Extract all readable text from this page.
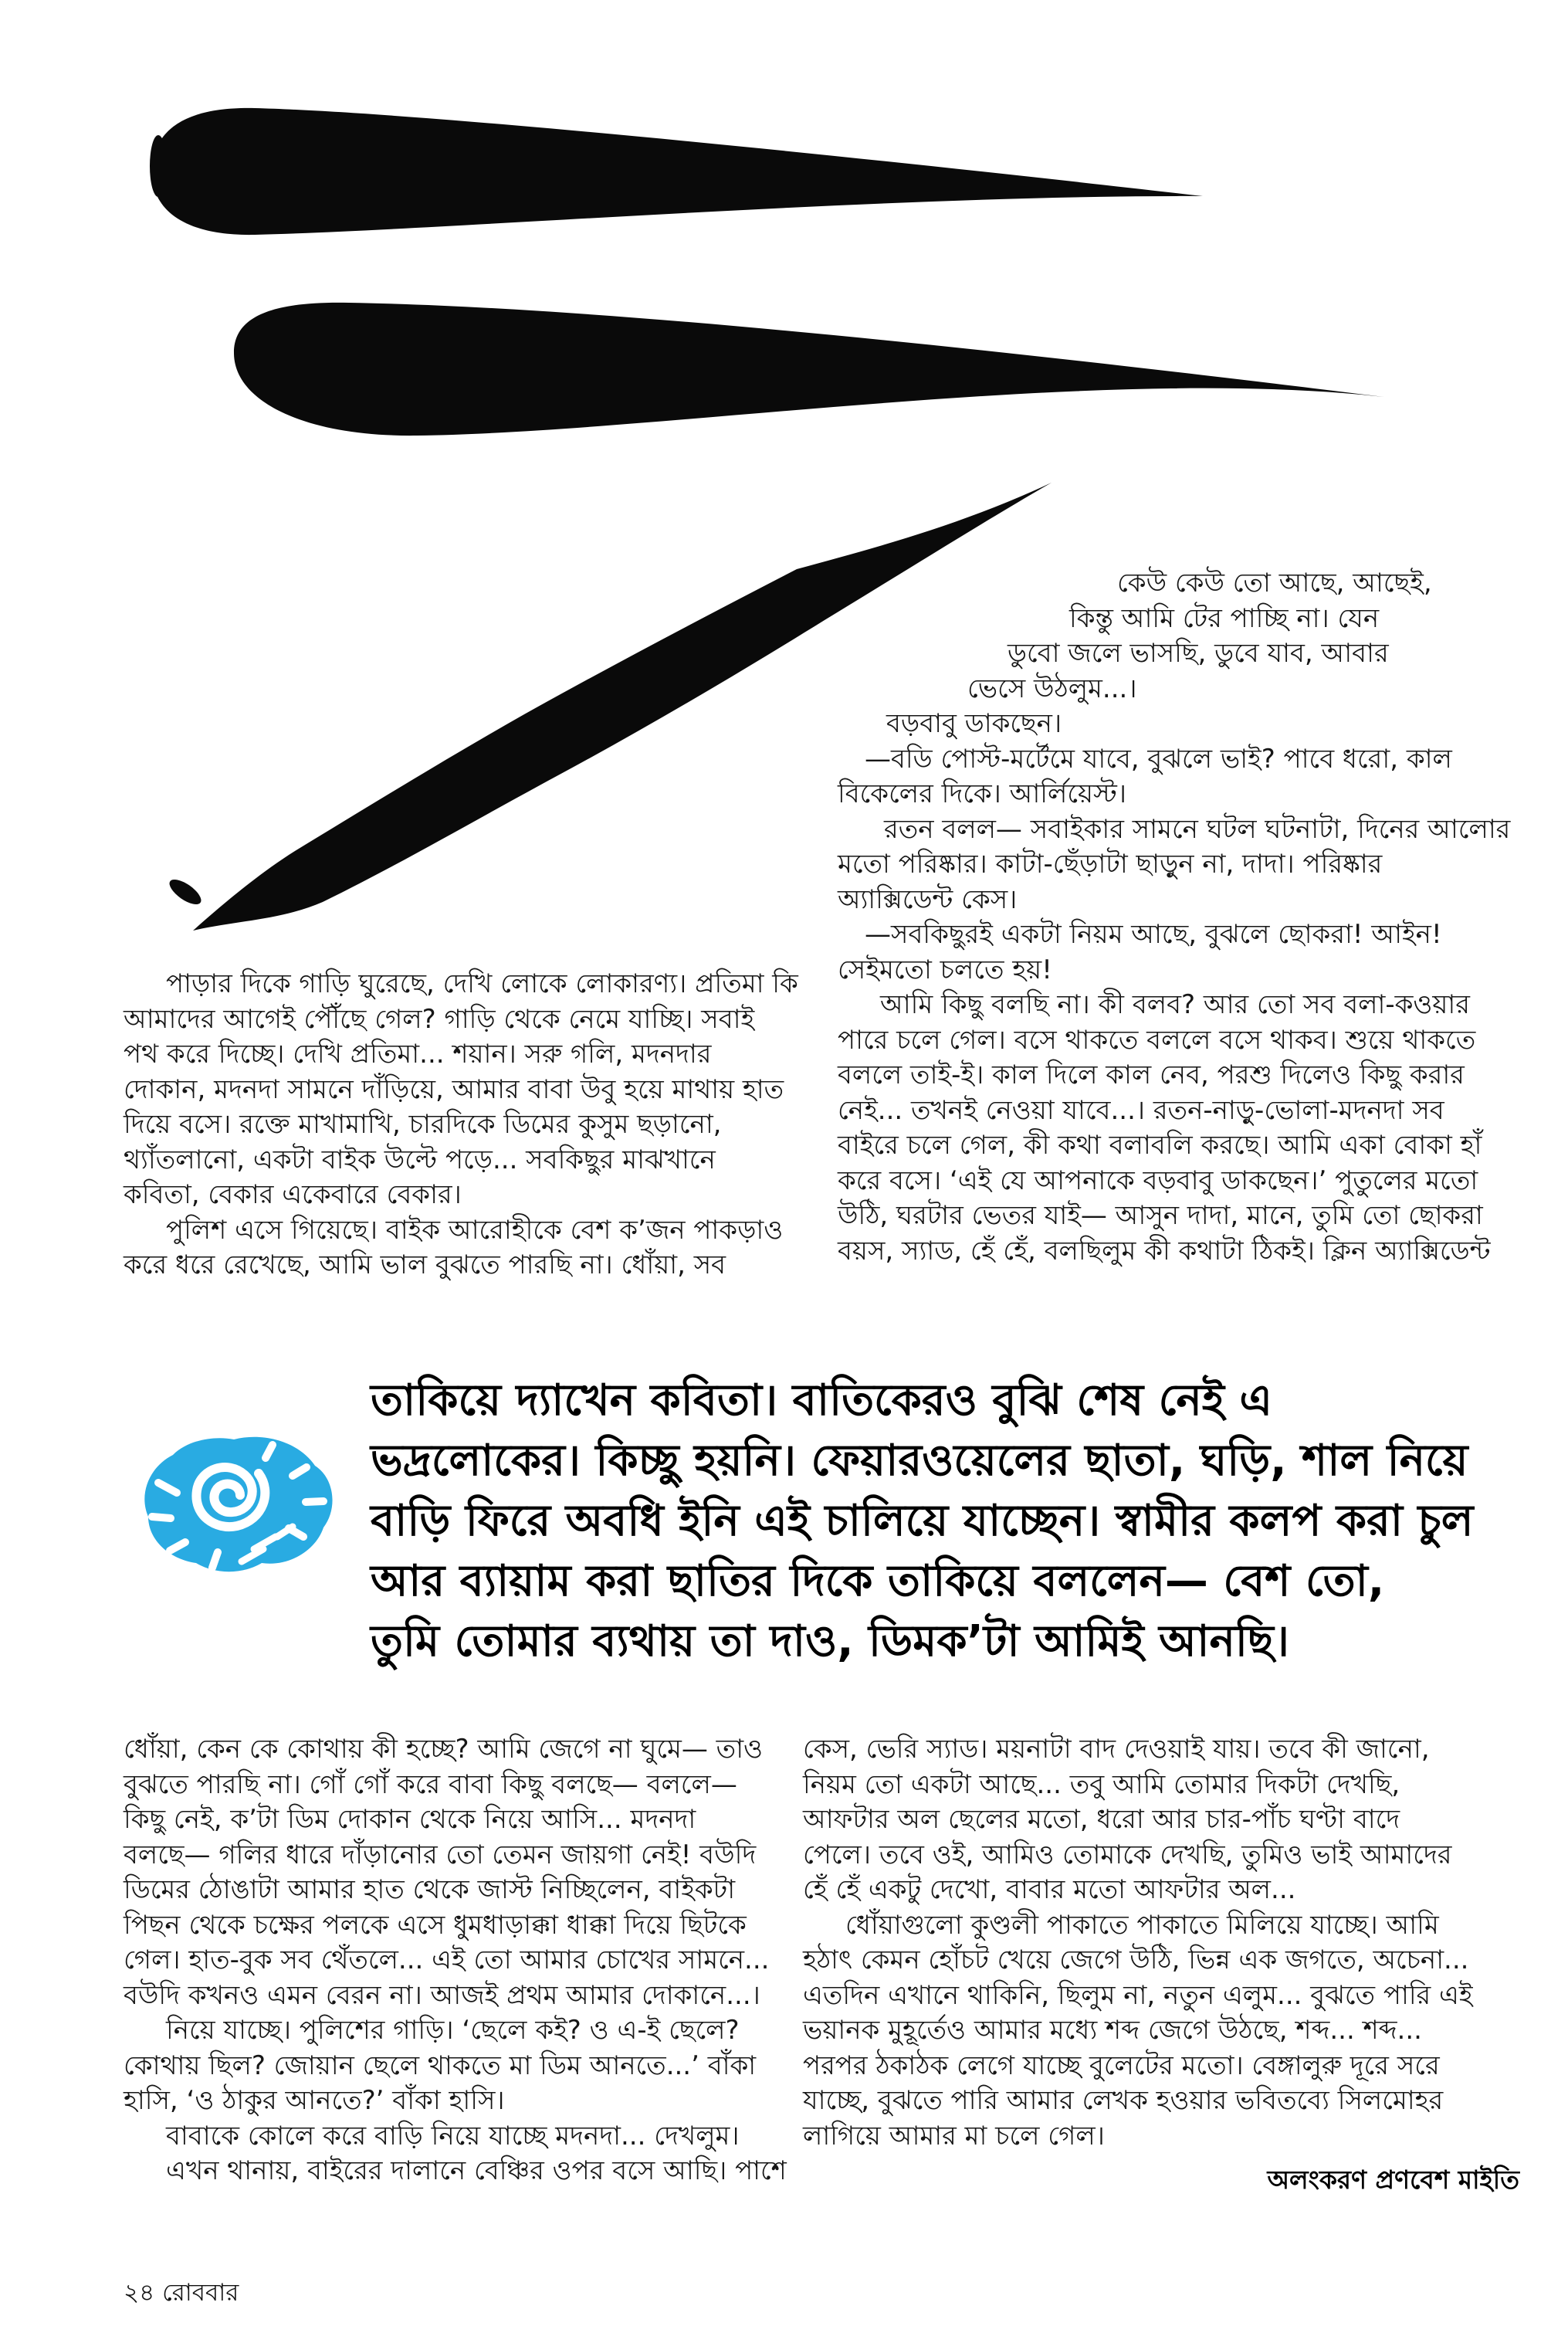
কেউ কেউ তো আছে, আছেই,
কিন্তু আমি টের পাচ্ছি না। যেন
ডুবো জলে ভাসছি, ডুবে যাব, আবার
ভেসে উঠলুম...।
বড়বাবু ডাকছেন।
—বডি পোস্ট-মর্টেমে যাবে, বুঝলে ভাই? পাবে ধরো, কাল
বিকেলের দিকে। আর্লিয়েস্ট।
রতন বলল— সবাইকার সামনে ঘটল ঘটনাটা, দিনের আলোর
মতো পরিষ্কার। কাটা-ছেঁড়াটা ছাড়ুন না, দাদা। পরিষ্কার
অ্যাক্সিডেন্ট কেস।
—সবকিছুরই একটা নিয়ম আছে, বুঝলে ছোকরা! আইন!
সেইমতো চলতে হয়!
আমি কিছু বলছি না। কী বলব? আর তো সব বলা-কওয়ার
পারে চলে গেল। বসে থাকতে বললে বসে থাকব। শুয়ে থাকতে
বললে তাই-ই। কাল দিলে কাল নেব, পরশু দিলেও কিছু করার
নেই... তখনই নেওয়া যাবে...। রতন-নাড়ু-ভোলা-মদনদা সব
বাইরে চলে গেল, কী কথা বলাবলি করছে। আমি একা বোকা হাঁ
করে বসে। ‘এই যে আপনাকে বড়বাবু ডাকছেন।’ পুতুলের মতো
উঠি, ঘরটার ভেতর যাই— আসুন দাদা, মানে, তুমি তো ছোকরা
বয়স, স্যাড, হেঁ হেঁ, বলছিলুম কী কথাটা ঠিকই। ক্লিন অ্যাক্সিডেন্ট
পাড়ার দিকে গাড়ি ঘুরেছে, দেখি লোকে লোকারণ্য। প্রতিমা কি
আমাদের আগেই পৌঁছে গেল? গাড়ি থেকে নেমে যাচ্ছি। সবাই
পথ করে দিচ্ছে। দেখি প্রতিমা... শয়ান। সরু গলি, মদনদার
দোকান, মদনদা সামনে দাঁড়িয়ে, আমার বাবা উবু হয়ে মাথায় হাত
দিয়ে বসে। রক্তে মাখামাখি, চারদিকে ডিমের কুসুম ছড়ানো,
থ্যাঁতলানো, একটা বাইক উল্টে পড়ে... সবকিছুর মাঝখানে
কবিতা, বেকার একেবারে বেকার।
পুলিশ এসে গিয়েছে। বাইক আরোহীকে বেশ ক’জন পাকড়াও
করে ধরে রেখেছে, আমি ভাল বুঝতে পারছি না। ধোঁয়া, সব
তাকিয়ে দ্যাখেন কবিতা। বাতিকেরও বুঝি শেষ নেই এ
ভদ্রলোকের। কিচ্ছু হয়নি। ফেয়ারওয়েলের ছাতা, ঘড়ি, শাল নিয়ে
বাড়ি ফিরে অবধি ইনি এই চালিয়ে যাচ্ছেন। স্বামীর কলপ করা চুল
আর ব্যায়াম করা ছাতির দিকে তাকিয়ে বললেন— বেশ তো,
তুমি তোমার ব্যথায় তা দাও, ডিমক’টা আমিই আনছি।
ধোঁয়া, কেন কে কোথায় কী হচ্ছে? আমি জেগে না ঘুমে— তাও
বুঝতে পারছি না। গোঁ গোঁ করে বাবা কিছু বলছে— বললে—
কিছু নেই, ক’টা ডিম দোকান থেকে নিয়ে আসি... মদনদা
বলছে— গলির ধারে দাঁড়ানোর তো তেমন জায়গা নেই! বউদি
ডিমের ঠোঙাটা আমার হাত থেকে জাস্ট নিচ্ছিলেন, বাইকটা
পিছন থেকে চক্ষের পলকে এসে ধুমধাড়াক্কা ধাক্কা দিয়ে ছিটকে
গেল। হাত-বুক সব থেঁতলে... এই তো আমার চোখের সামনে...
বউদি কখনও এমন বেরন না। আজই প্রথম আমার দোকানে...।
নিয়ে যাচ্ছে। পুলিশের গাড়ি। ‘ছেলে কই? ও এ-ই ছেলে?
কোথায় ছিল? জোয়ান ছেলে থাকতে মা ডিম আনতে...’ বাঁকা
হাসি, ‘ও ঠাকুর আনতে?’ বাঁকা হাসি।
বাবাকে কোলে করে বাড়ি নিয়ে যাচ্ছে মদনদা... দেখলুম।
এখন থানায়, বাইরের দালানে বেঞ্চির ওপর বসে আছি। পাশে
কেস, ভেরি স্যাড। ময়নাটা বাদ দেওয়াই যায়। তবে কী জানো,
নিয়ম তো একটা আছে... তবু আমি তোমার দিকটা দেখছি,
আফটার অল ছেলের মতো, ধরো আর চার-পাঁচ ঘণ্টা বাদে
পেলে। তবে ওই, আমিও তোমাকে দেখছি, তুমিও ভাই আমাদের
হেঁ হেঁ একটু দেখো, বাবার মতো আফটার অল...
ধোঁয়াগুলো কুণ্ডলী পাকাতে পাকাতে মিলিয়ে যাচ্ছে। আমি
হঠাৎ কেমন হোঁচট খেয়ে জেগে উঠি, ভিন্ন এক জগতে, অচেনা...
এতদিন এখানে থাকিনি, ছিলুম না, নতুন এলুম... বুঝতে পারি এই
ভয়ানক মুহূর্তেও আমার মধ্যে শব্দ জেগে উঠছে, শব্দ... শব্দ...
পরপর ঠকাঠক লেগে যাচ্ছে বুলেটের মতো। বেঙ্গালুরু দূরে সরে
যাচ্ছে, বুঝতে পারি আমার লেখক হওয়ার ভবিতব্যে সিলমোহর
লাগিয়ে আমার মা চলে গেল।
অলংকরণ প্রণবেশ মাইতি
২৪ রোববার
